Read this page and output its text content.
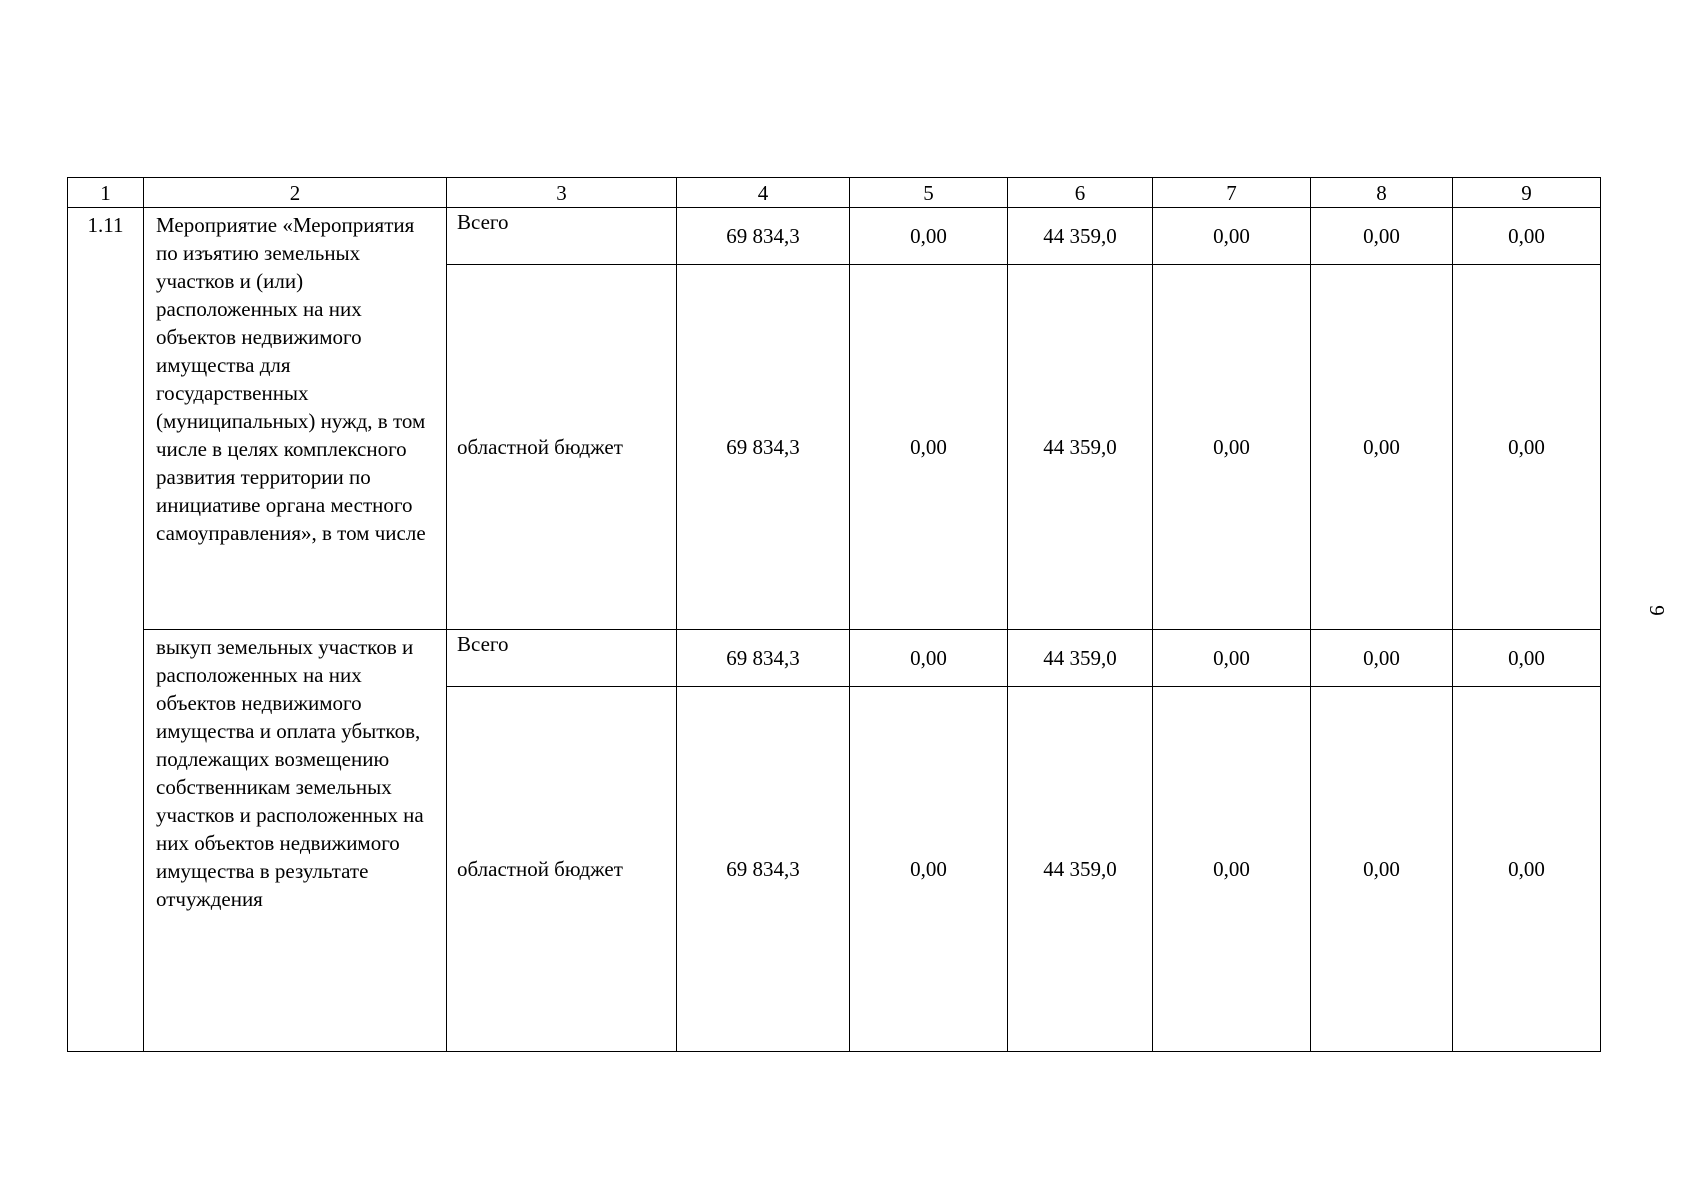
1	2	3	4	5	6	7	8	9
1.11	Мероприятие «Мероприятия по изъятию земельных участков и (или) расположенных на них объектов недвижимого имущества для государственных (муниципальных) нужд, в том числе в целях комплексного развития территории по инициативе органа местного самоуправления», в том числе	Всего	69 834,3	0,00	44 359,0	0,00	0,00	0,00
		областной бюджет	69 834,3	0,00	44 359,0	0,00	0,00	0,00
	выкуп земельных участков и расположенных на них объектов недвижимого имущества и оплата убытков, подлежащих возмещению собственникам земельных участков и расположенных на них объектов недвижимого имущества в результате отчуждения	Всего	69 834,3	0,00	44 359,0	0,00	0,00	0,00
		областной бюджет	69 834,3	0,00	44 359,0	0,00	0,00	0,00
9
